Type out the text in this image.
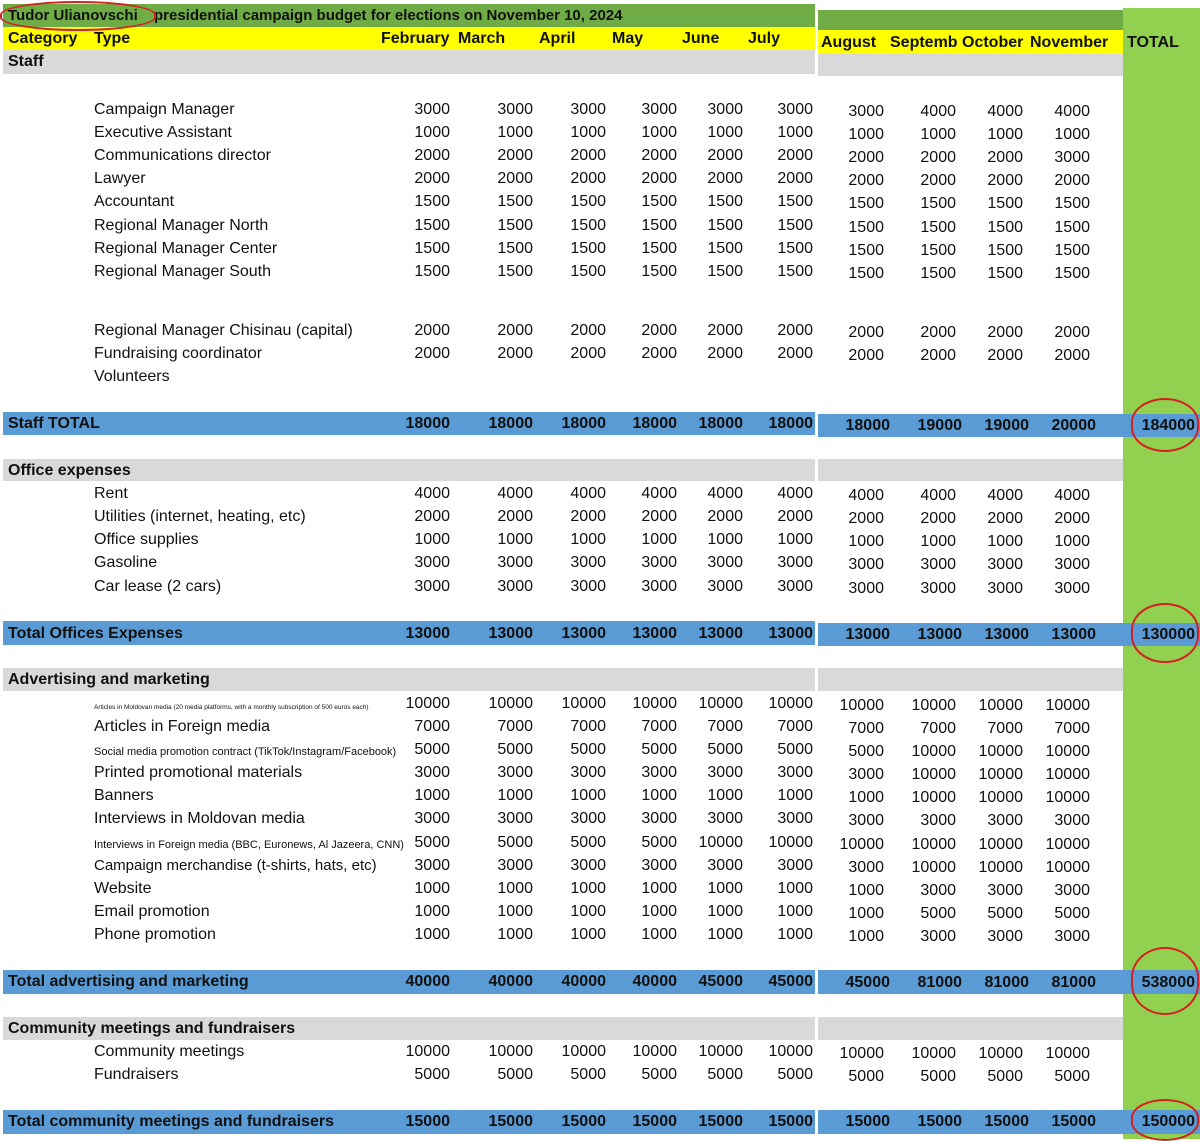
Tudor Ulianovschi presidential campaign budget for elections on November 10, 2024
Category Type	February March April May June July	August Septemb October November TOTAL
Staff
Campaign Manager	3000	3000	3000	3000	3000	3000	3000	4000	4000	4000
Executive Assistant	1000	1000	1000	1000	1000	1000	1000	1000	1000	1000
Communications director	2000	2000	2000	2000	2000	2000	2000	2000	2000	3000
Lawyer	2000	2000	2000	2000	2000	2000	2000	2000	2000	2000
Accountant	1500	1500	1500	1500	1500	1500	1500	1500	1500	1500
Regional Manager North	1500	1500	1500	1500	1500	1500	1500	1500	1500	1500
Regional Manager Center	1500	1500	1500	1500	1500	1500	1500	1500	1500	1500
Regional Manager South	1500	1500	1500	1500	1500	1500	1500	1500	1500	1500
Regional Manager Chisinau (capital)	2000	2000	2000	2000	2000	2000	2000	2000	2000	2000
Fundraising coordinator	2000	2000	2000	2000	2000	2000	2000	2000	2000	2000
Volunteers
Staff TOTAL	18000	18000	18000	18000	18000	18000	18000	19000	19000	20000	184000
Office expenses
Rent	4000	4000	4000	4000	4000	4000	4000	4000	4000	4000
Utilities (internet, heating, etc)	2000	2000	2000	2000	2000	2000	2000	2000	2000	2000
Office supplies	1000	1000	1000	1000	1000	1000	1000	1000	1000	1000
Gasoline	3000	3000	3000	3000	3000	3000	3000	3000	3000	3000
Car lease (2 cars)	3000	3000	3000	3000	3000	3000	3000	3000	3000	3000
Total Offices Expenses	13000	13000	13000	13000	13000	13000	13000	13000	13000	13000	130000
Advertising and marketing
Articles in Moldovan media (20 media platforms, with a monthly subscription of 500 euros each)	10000	10000	10000	10000	10000	10000	10000	10000	10000	10000
Articles in Foreign media	7000	7000	7000	7000	7000	7000	7000	7000	7000	7000
Social media promotion contract (TikTok/Instagram/Facebook)	5000	5000	5000	5000	5000	5000	5000	10000	10000	10000
Printed promotional materials	3000	3000	3000	3000	3000	3000	3000	10000	10000	10000
Banners	1000	1000	1000	1000	1000	1000	1000	10000	10000	10000
Interviews in Moldovan media	3000	3000	3000	3000	3000	3000	3000	3000	3000	3000
Interviews in Foreign media (BBC, Euronews, Al Jazeera, CNN) 5000	5000	5000	5000	10000	10000	10000	10000	10000	10000
Campaign merchandise (t-shirts, hats, etc)	3000	3000	3000	3000	3000	3000	3000	10000	10000	10000
Website	1000	1000	1000	1000	1000	1000	1000	3000	3000	3000
Email promotion	1000	1000	1000	1000	1000	1000	1000	5000	5000	5000
Phone promotion	1000	1000	1000	1000	1000	1000	1000	3000	3000	3000
Total advertising and marketing	40000	40000	40000	40000	45000	45000	45000	81000	81000	81000	538000
Community meetings and fundraisers
Community meetings	10000	10000	10000	10000	10000	10000	10000	10000	10000	10000
Fundraisers	5000	5000	5000	5000	5000	5000	5000	5000	5000	5000
Total community meetings and fundraisers	15000	15000	15000	15000	15000	15000	15000	15000	15000	15000	150000
